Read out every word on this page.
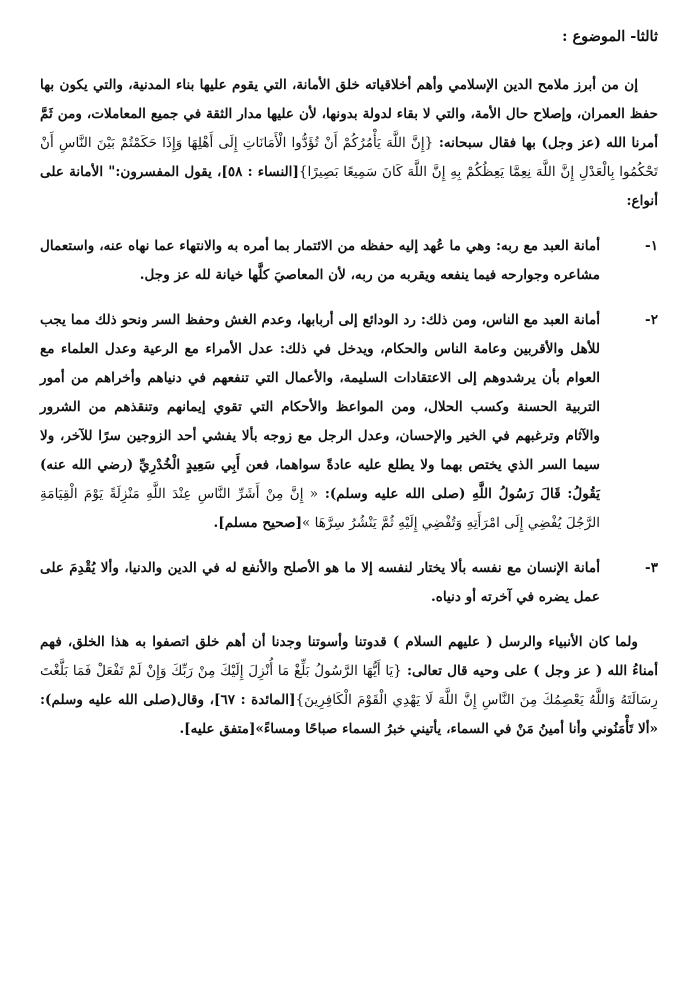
ثالثا- الموضوع :

إن من أبرز ملامح الدين الإسلامي وأهم أخلاقياته خلق الأمانة، التي يقوم عليها بناء المدنية، والتي يكون بها حفظ العمران، وإصلاح حال الأمة، والتي لا بقاء لدولة بدونها، لأن عليها مدار الثقة في جميع المعاملات، ومن ثَمَّ أمرنا الله (عز وجل) بها فقال سبحانه: {إِنَّ اللَّهَ يَأْمُرُكُمْ أَنْ تُؤَدُّوا الْأَمَانَاتِ إِلَى أَهْلِهَا وَإِذَا حَكَمْتُمْ بَيْنَ النَّاسِ أَنْ تَحْكُمُوا بِالْعَدْلِ إِنَّ اللَّهَ نِعِمَّا يَعِظُكُمْ بِهِ إِنَّ اللَّهَ كَانَ سَمِيعًا بَصِيرًا}[النساء : ٥٨]، يقول المفسرون:" الأمانة على أنواع:

١-
أمانة العبد مع ربه: وهي ما عُهد إليه حفظه من الائتمار بما أمره به والانتهاء عما نهاه عنه، واستعمال مشاعره وجوارحه فيما ينفعه ويقربه من ربه، لأن المعاصيَ كلَّها خيانة لله عز وجل.
٢-
أمانة العبد مع الناس، ومن ذلك: رد الودائع إلى أربابها، وعدم الغش وحفظ السر ونحو ذلك مما يجب للأهل والأقربين وعامة الناس والحكام، ويدخل في ذلك: عدل الأمراء مع الرعية وعدل العلماء مع العوام بأن يرشدوهم إلى الاعتقادات السليمة، والأعمال التي تنفعهم في دنياهم وأخراهم من أمور التربية الحسنة وكسب الحلال، ومن المواعظ والأحكام التي تقوي إيمانهم وتنقذهم من الشرور والآثام وترغبهم في الخير والإحسان، وعدل الرجل مع زوجه بألا يفشي أحد الزوجين سرًا للآخر، ولا سيما السر الذي يختص بهما ولا يطلع عليه عادةً سواهما، فعن أَبِي سَعِيدٍ الْخُدْرِيِّ (رضي الله عنه) يَقُولُ: قَالَ رَسُولُ اللَّهِ (صلى الله عليه وسلم): « إِنَّ مِنْ أَشَرِّ النَّاسِ عِنْدَ اللَّهِ مَنْزِلَةً يَوْمَ الْقِيَامَةِ الرَّجُلَ يُفْضِي إِلَى امْرَأَتِهِ وَتُفْضِي إِلَيْهِ ثُمَّ يَنْشُرُ سِرَّهَا »[صحيح مسلم].
٣-
أمانة الإنسان مع نفسه بألا يختار لنفسه إلا ما هو الأصلح والأنفع له في الدين والدنيا، وألا يُقْدِمَ على عمل يضره في آخرته أو دنياه.

ولما كان الأنبياء والرسل ( عليهم السلام ) قدوتنا وأسوتنا وجدنا أن أهم خلق اتصفوا به هذا الخلق، فهم أمناءُ الله ( عز وجل ) على وحيه قال تعالى: {يَا أَيُّهَا الرَّسُولُ بَلِّغْ مَا أُنْزِلَ إِلَيْكَ مِنْ رَبِّكَ وَإِنْ لَمْ تَفْعَلْ فَمَا بَلَّغْتَ رِسَالَتَهُ وَاللَّهُ يَعْصِمُكَ مِنَ النَّاسِ إِنَّ اللَّهَ لَا يَهْدِي الْقَوْمَ الْكَافِرِينَ}[المائدة : ٦٧]، وقال(صلى الله عليه وسلم): «ألا تَأْمَنُوني وأنا أمينُ مَنْ في السماء، يأتيني خبرُ السماء صباحًا ومساءً»[متفق عليه].
